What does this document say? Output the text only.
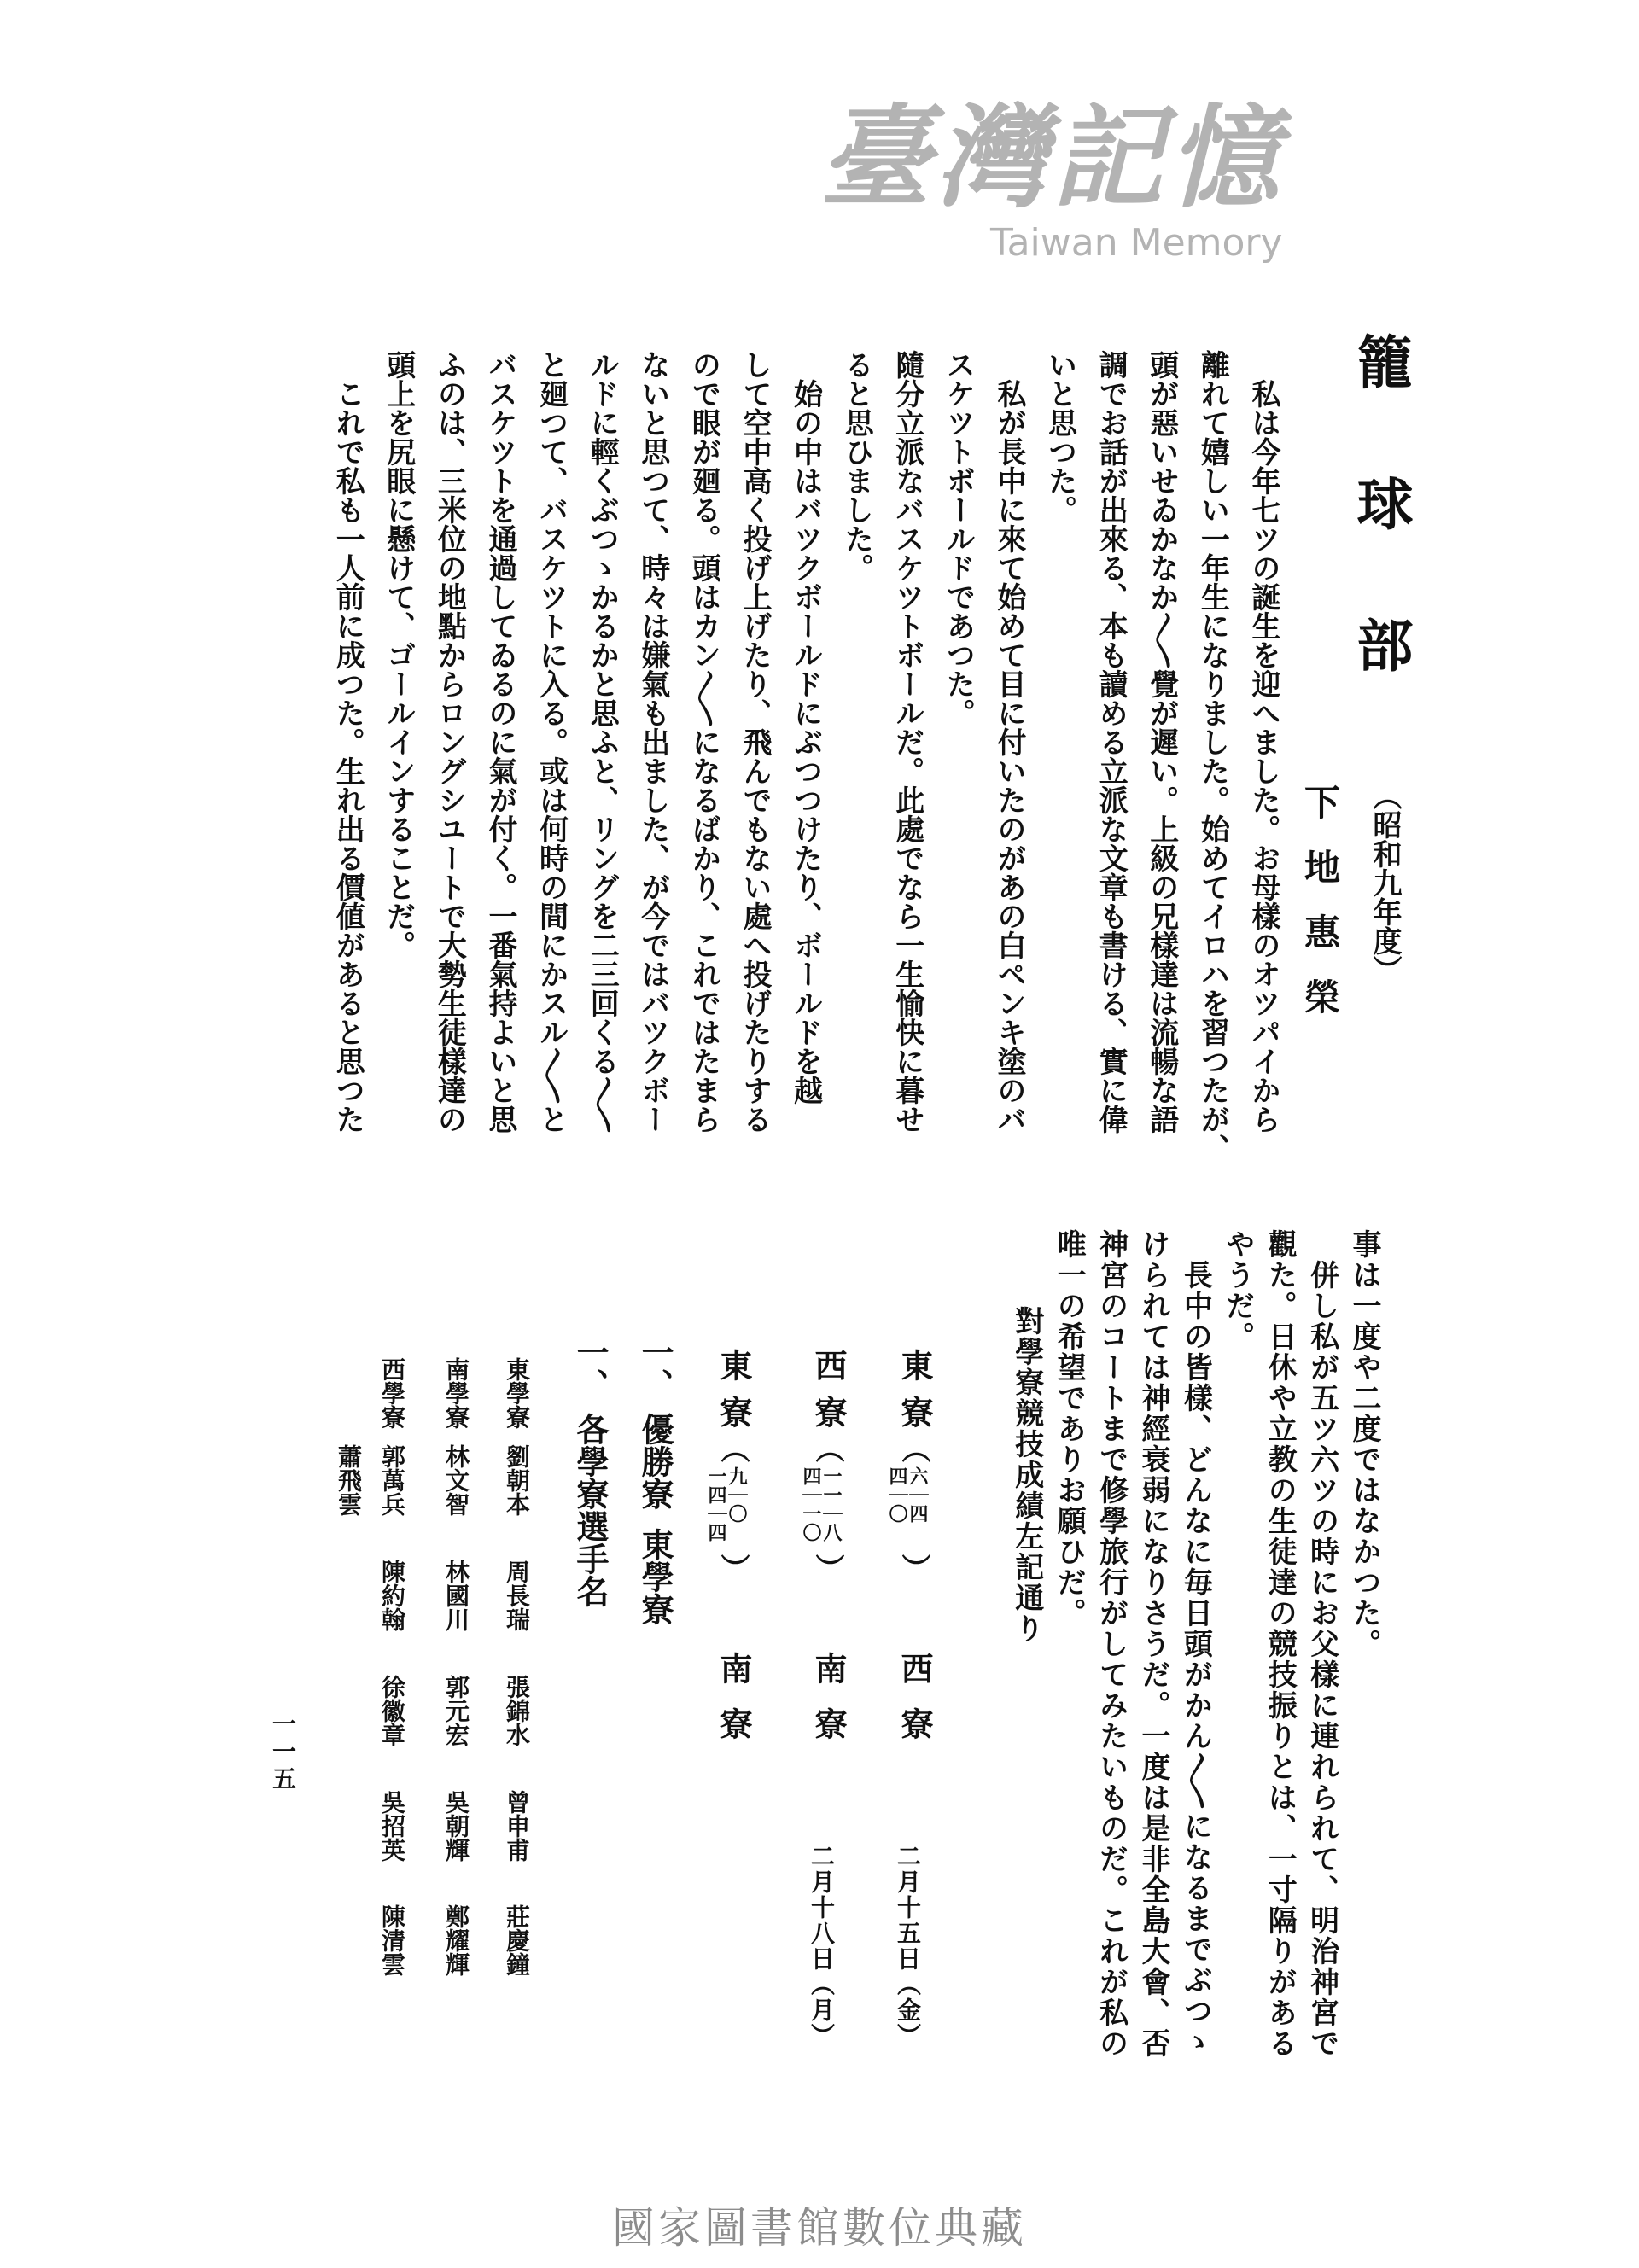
籠球部
（昭和九年度）
下地惠榮
私は今年七ツの誕生を迎へました。お母樣のオツパイから
離れて嬉しい一年生になりました。始めてイロハを習つたが、
頭が惡いせゐかなか〱覺が遲い。上級の兄樣達は流暢な語
調でお話が出來る、本も讀める立派な文章も書ける、實に偉
いと思つた。
私が長中に來て始めて目に付いたのがあの白ペンキ塗のバ
スケツトボールドであつた。
隨分立派なバスケツトボールだ。此處でなら一生愉快に暮せ
ると思ひました。
始の中はバツクボールドにぶつつけたり、ボールドを越
して空中高く投げ上げたり、飛んでもない處へ投げたりする
ので眼が廻る。頭はカン〱になるばかり、これではたまら
ないと思つて、時々は嫌氣も出ました、が今ではバツクボー
ルドに輕くぶつゝかるかと思ふと、リングを二三回くる〱
と廻つて、バスケツトに入る。或は何時の間にかスル〱と
バスケツトを通過してゐるのに氣が付く。一番氣持よいと思
ふのは、三米位の地點からロングシユートで大勢生徒樣達の
頭上を尻眼に懸けて、ゴールインすることだ。
これで私も一人前に成つた。生れ出る價値があると思つた
事は一度や二度ではなかつた。
併し私が五ツ六ツの時にお父樣に連れられて、明治神宮で
觀た。日休や立教の生徒達の競技振りとは、一寸隔りがある
やうだ。
長中の皆樣、どんなに毎日頭がかん〱になるまでぶつゝ
けられては神經衰弱になりさうだ。一度は是非全島大會、否
神宮のコートまで修學旅行がしてみたいものだ。これが私の
唯一の希望でありお願ひだ。
對學寮競技成績左記通り
東
寮
︵
六｜四
四｜〇
︶
西
寮
二月十五日（金）
西
寮
︵
一一｜八
四｜一〇
︶
南
寮
二月十八日（月）
東
寮
︵
九｜〇
一四｜四
︶
南
寮
一、
優勝寮
東學寮
一、
各學寮選手名
東學寮
劉朝本
周長瑞
張錦水
曾申甫
莊慶鐘
南學寮
林文智
林國川
郭元宏
吳朝輝
鄭耀輝
西學寮
郭萬兵
陳約翰
徐徽章
吳招英
陳清雲
蕭飛雲
一一五
臺灣記憶
Taiwan Memory
國家圖書館數位典藏
